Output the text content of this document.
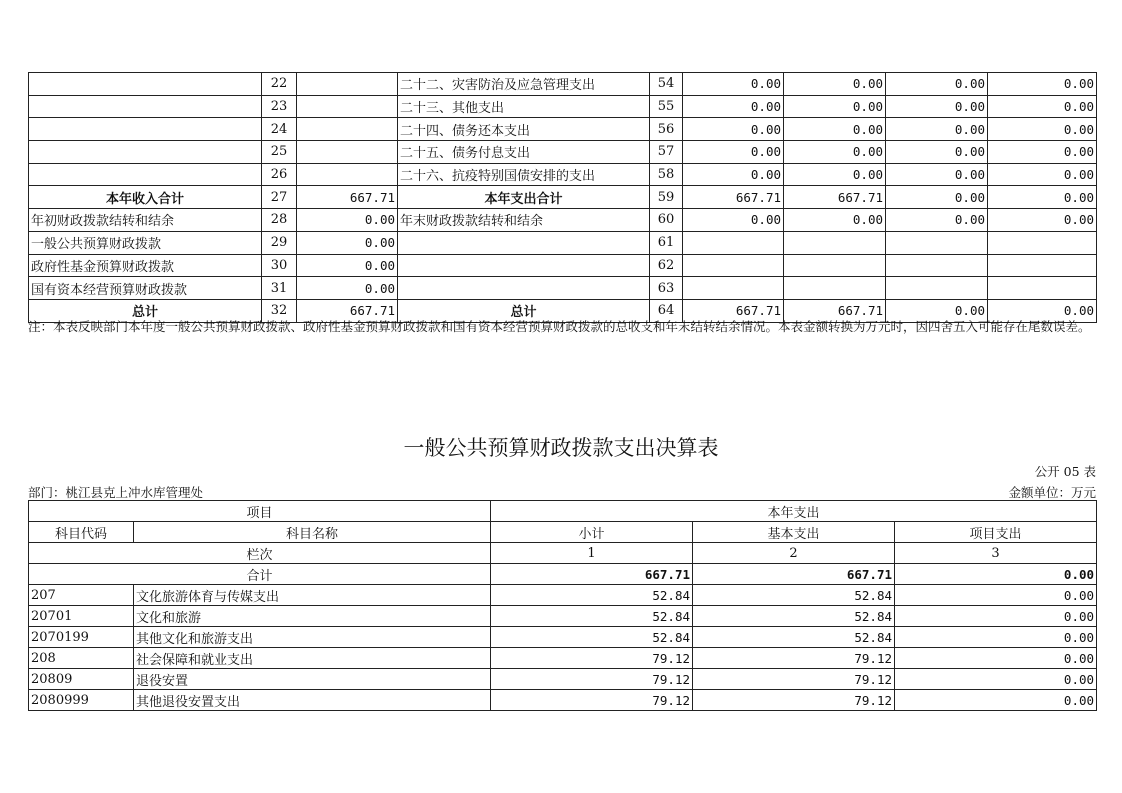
	22		二十二、灾害防治及应急管理支出	54	0.00	0.00	0.00	0.00
	23		二十三、其他支出	55	0.00	0.00	0.00	0.00
	24		二十四、债务还本支出	56	0.00	0.00	0.00	0.00
	25		二十五、债务付息支出	57	0.00	0.00	0.00	0.00
	26		二十六、抗疫特别国债安排的支出	58	0.00	0.00	0.00	0.00
本年收入合计	27	667.71	本年支出合计	59	667.71	667.71	0.00	0.00
年初财政拨款结转和结余	28	0.00	年末财政拨款结转和结余	60	0.00	0.00	0.00	0.00
一般公共预算财政拨款	29	0.00		61				
政府性基金预算财政拨款	30	0.00		62				
国有资本经营预算财政拨款	31	0.00		63				
总计	32	667.71	总计	64	667.71	667.71	0.00	0.00
注：本表反映部门本年度一般公共预算财政拨款、政府性基金预算财政拨款和国有资本经营预算财政拨款的总收支和年末结转结余情况。本表金额转换为万元时，因四舍五入可能存在尾数误差。
一般公共预算财政拨款支出决算表
公开 05 表
部门：桃江县克上冲水库管理处	金额单位：万元
项目		本年支出		
科目代码	科目名称	小计	基本支出	项目支出
栏次		1	2	3
合计		667.71	667.71	0.00
207	文化旅游体育与传媒支出	52.84	52.84	0.00
20701	文化和旅游	52.84	52.84	0.00
2070199	其他文化和旅游支出	52.84	52.84	0.00
208	社会保障和就业支出	79.12	79.12	0.00
20809	退役安置	79.12	79.12	0.00
2080999	其他退役安置支出	79.12	79.12	0.00
